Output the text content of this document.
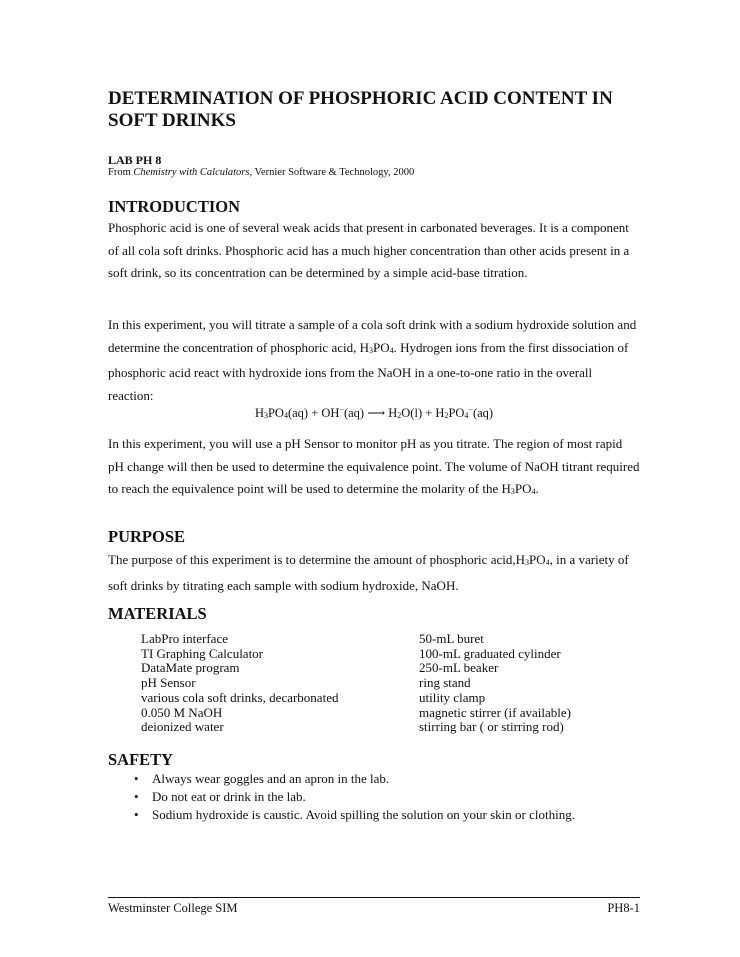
DETERMINATION OF PHOSPHORIC ACID CONTENT IN SOFT DRINKS
LAB PH 8
From Chemistry with Calculators, Vernier Software & Technology, 2000
INTRODUCTION

Phosphoric acid is one of several weak acids that present in carbonated beverages. It is a component of all cola soft drinks. Phosphoric acid has a much higher concentration than other acids present in a soft drink, so its concentration can be determined by a simple acid-base titration.

In this experiment, you will titrate a sample of a cola soft drink with a sodium hydroxide solution and determine the concentration of phosphoric acid, $H_3PO_4$. Hydrogen ions from the first dissociation of phosphoric acid react with hydroxide ions from the NaOH in a one-to-one ratio in the overall reaction:

$H_3PO_4(aq) + OH^-(aq)$ ⟶ $H_2O(l) + H_2PO_4^-(aq)$

In this experiment, you will use a pH Sensor to monitor pH as you titrate. The region of most rapid pH change will then be used to determine the equivalence point. The volume of NaOH titrant required to reach the equivalence point will be used to determine the molarity of the $H_3PO_4$.

PURPOSE

The purpose of this experiment is to determine the amount of phosphoric $acid,H_3PO_4$, in a variety of soft drinks by titrating each sample with sodium hydroxide, NaOH.

MATERIALS
LabPro interface
TI Graphing Calculator
DataMate program
pH Sensor
various cola soft drinks, decarbonated
0.050 M NaOH
deionized water
50-mL buret
100-mL graduated cylinder
250-mL beaker
ring stand
utility clamp
magnetic stirrer (if available)
stirring bar ( or stirring rod)
SAFETY
• Always wear goggles and an apron in the lab.
• Do not eat or drink in the lab.
• Sodium hydroxide is caustic. Avoid spilling the solution on your skin or clothing.
Westminster College SIM	PH8-1
